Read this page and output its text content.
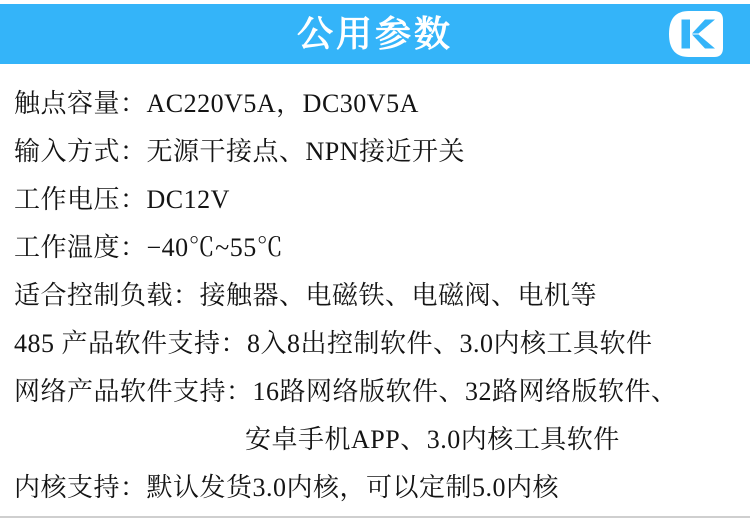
公用参数
触点容量：AC220V5A，DC30V5A
输入方式：无源干接点、NPN接近开关
工作电压：DC12V
工作温度：−40℃~55℃
适合控制负载：接触器、电磁铁、电磁阀、电机等
485 产品软件支持：8入8出控制软件、3.0内核工具软件
网络产品软件支持：16路网络版软件、32路网络版软件、
安卓手机APP、3.0内核工具软件
内核支持：默认发货3.0内核，可以定制5.0内核
